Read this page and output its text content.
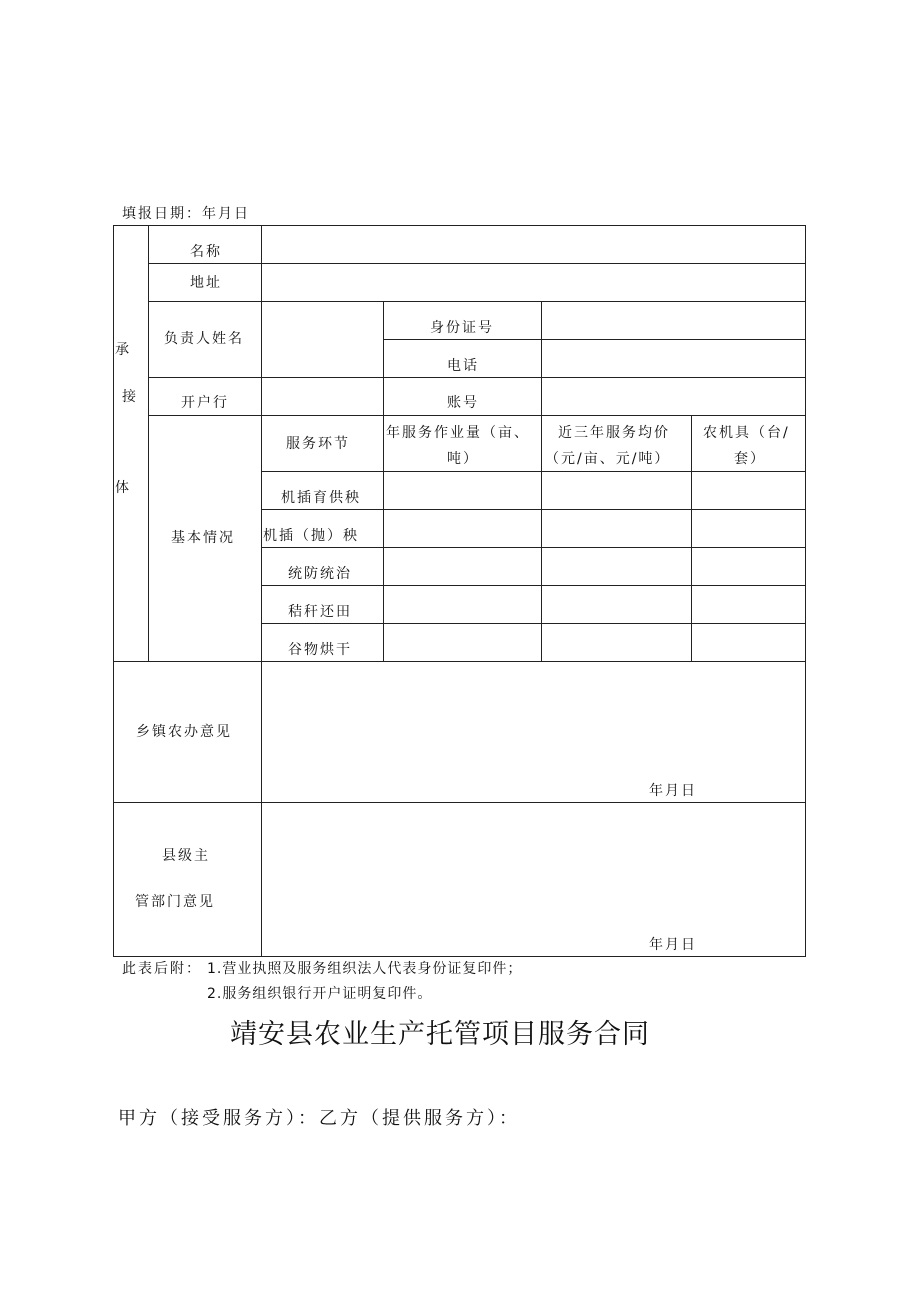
填报日期：年月日
承
接
体
名称
地址
负责人姓名
身份证号
电话
开户行	账号
基本情况
服务环节
年服务作业量（亩、
吨）
近三年服务均价
（元/亩、元/吨）
农机具（台/
套）
机插育供秧
机插（抛）秧
统防统治
秸秆还田
谷物烘干
乡镇农办意见
年月日
县级主
管部门意见
年月日
此表后附： 1.营业执照及服务组织法人代表身份证复印件；
2.服务组织银行开户证明复印件。
靖安县农业生产托管项目服务合同
甲方（接受服务方）：乙方（提供服务方）：
